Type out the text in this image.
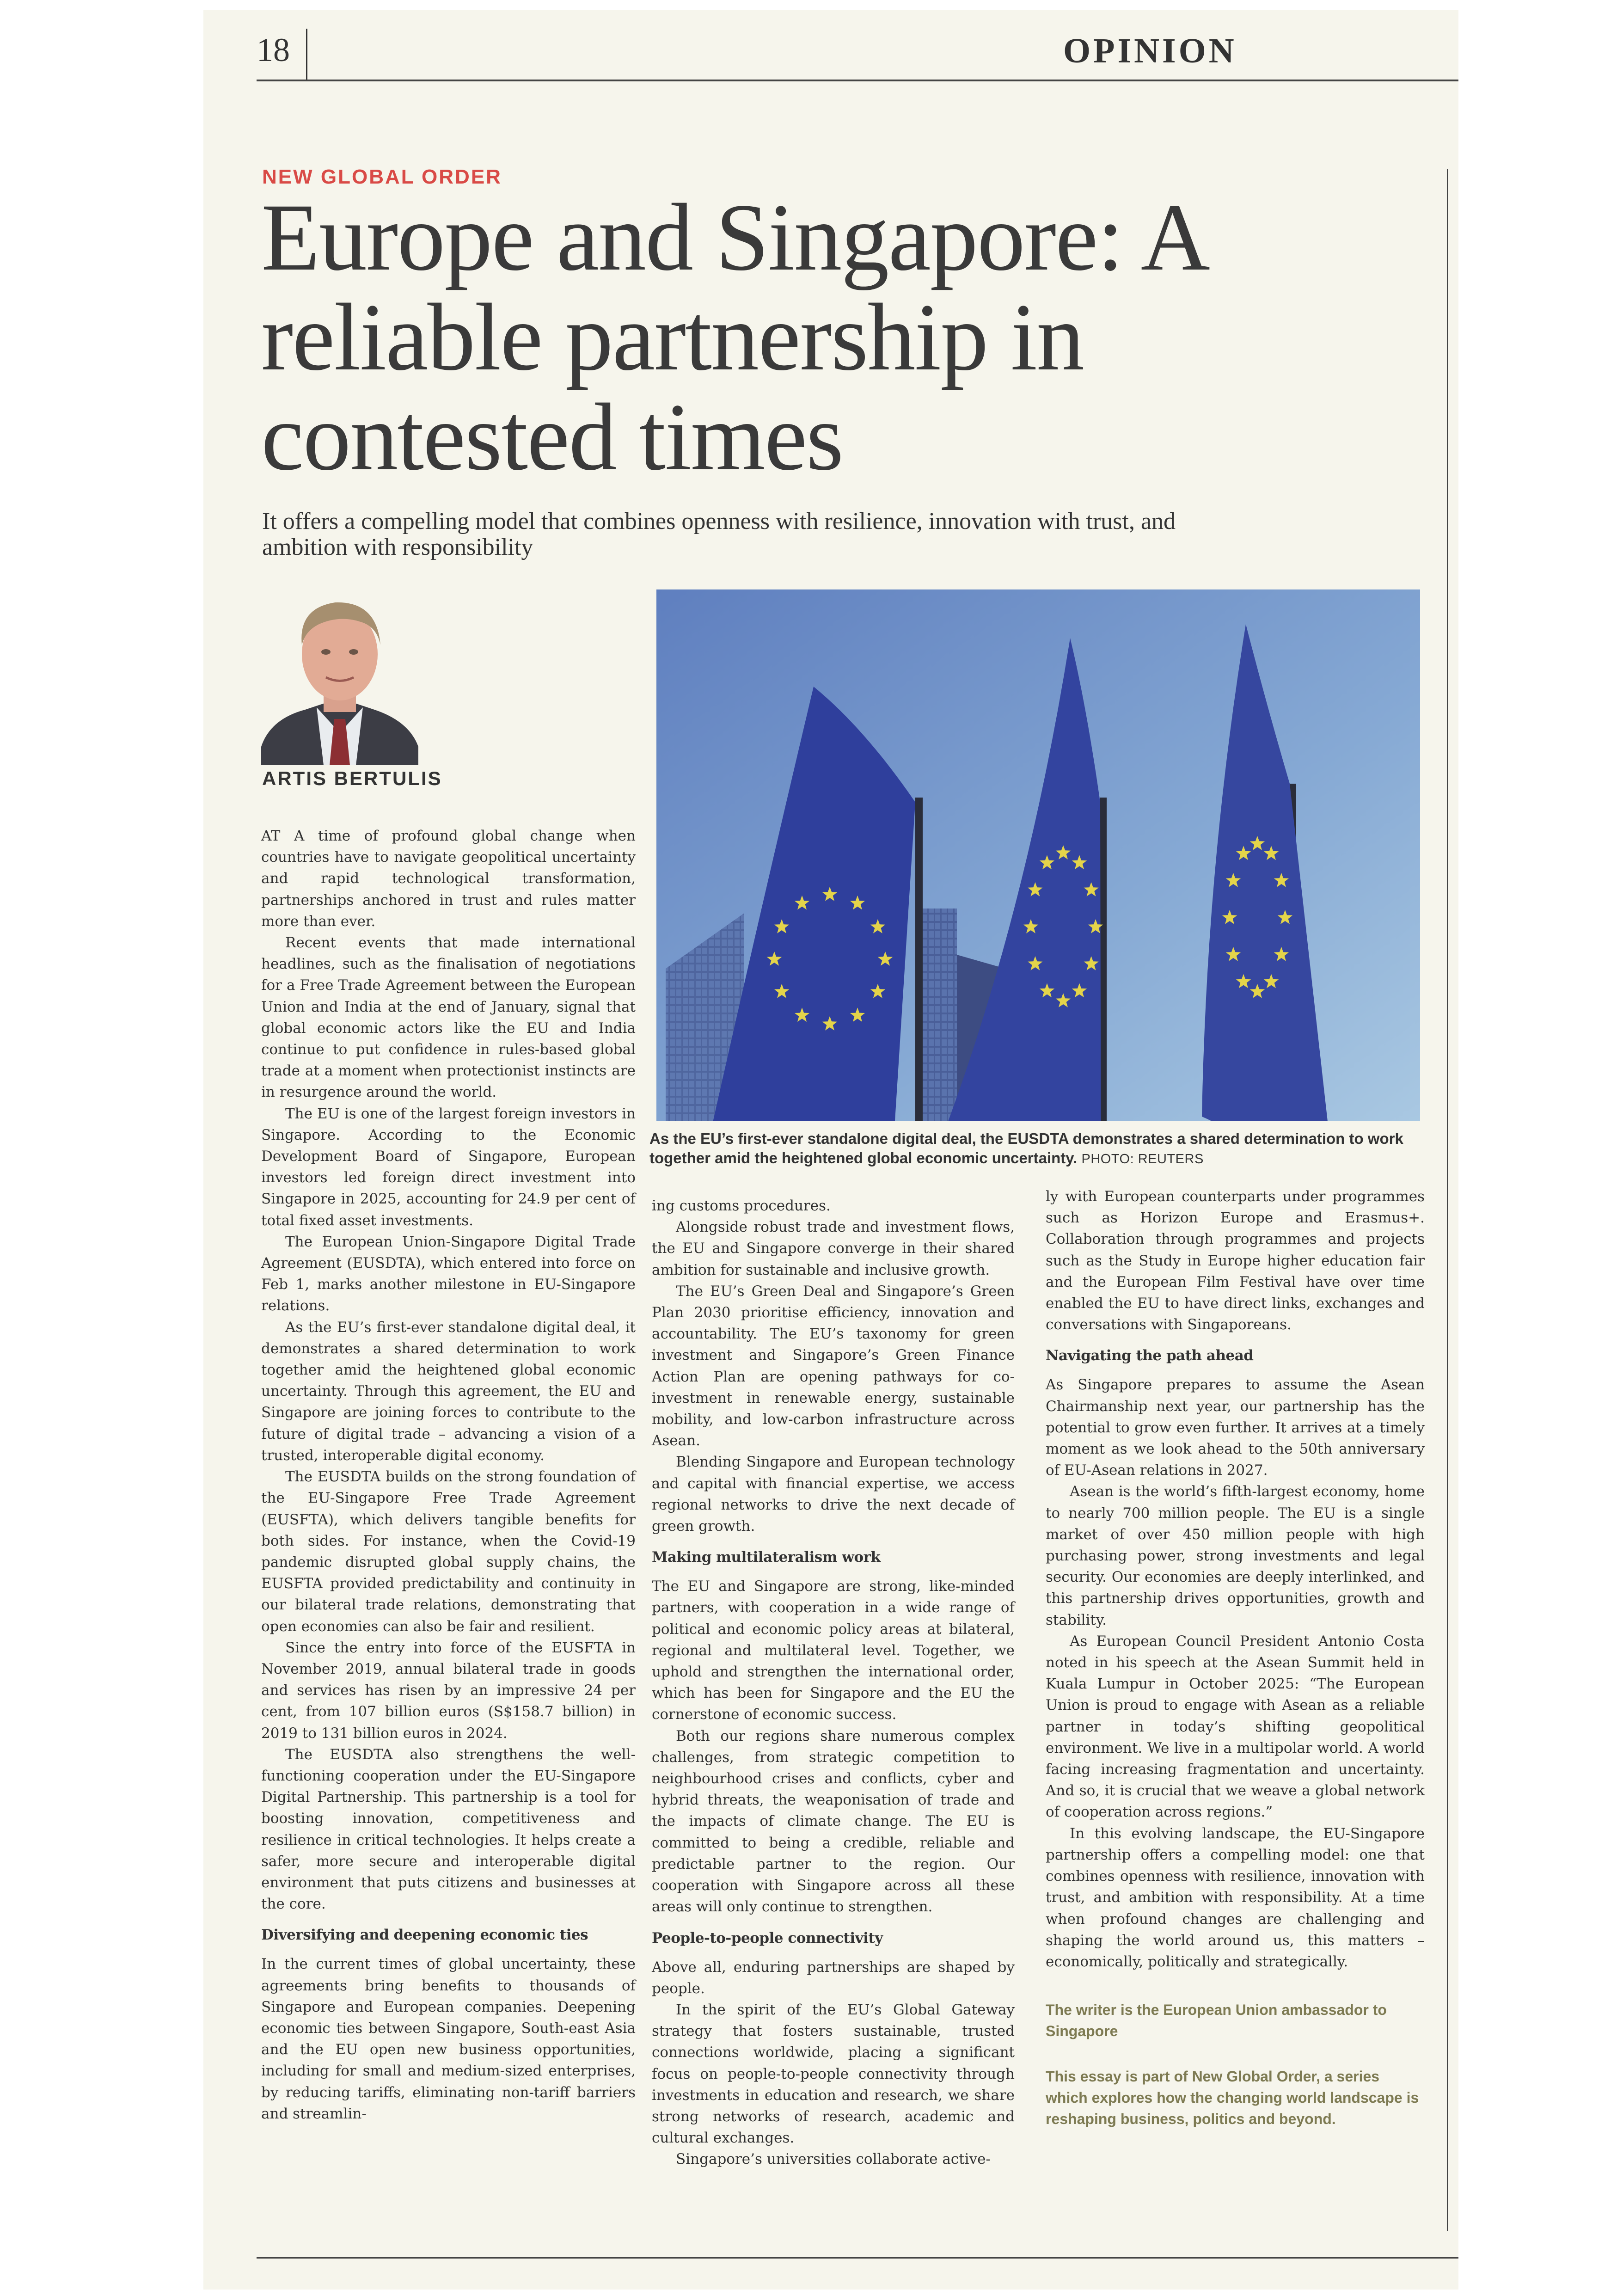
18	OPINION
NEW GLOBAL ORDER
Europe and Singapore: A reliable partnership in contested times
It offers a compelling model that combines openness with resilience, innovation with trust, and ambition with responsibility
ARTIS BERTULIS
As the EU’s first-ever standalone digital deal, the EUSDTA demonstrates a shared determination to work together amid the heightened global economic uncertainty. PHOTO: REUTERS

AT A time of profound global change when countries have to navigate geopolitical uncertainty and rapid technological transformation, partnerships anchored in trust and rules matter more than ever.

Recent events that made international headlines, such as the finalisation of negotiations for a Free Trade Agreement between the European Union and India at the end of January, signal that global economic actors like the EU and India continue to put confidence in rules-based global trade at a moment when protectionist instincts are in resurgence around the world.

The EU is one of the largest foreign investors in Singapore. According to the Economic Development Board of Singapore, European investors led foreign direct investment into Singapore in 2025, accounting for 24.9 per cent of total fixed asset investments.

The European Union-Singapore Digital Trade Agreement (EUSDTA), which entered into force on Feb 1, marks another milestone in EU-Singapore relations.

As the EU’s first-ever standalone digital deal, it demonstrates a shared determination to work together amid the heightened global economic uncertainty. Through this agreement, the EU and Singapore are joining forces to contribute to the future of digital trade – advancing a vision of a trusted, interoperable digital economy.

The EUSDTA builds on the strong foundation of the EU-Singapore Free Trade Agreement (EUSFTA), which delivers tangible benefits for both sides. For instance, when the Covid-19 pandemic disrupted global supply chains, the EUSFTA provided predictability and continuity in our bilateral trade relations, demonstrating that open economies can also be fair and resilient.

Since the entry into force of the EUSFTA in November 2019, annual bilateral trade in goods and services has risen by an impressive 24 per cent, from 107 billion euros (S$158.7 billion) in 2019 to 131 billion euros in 2024.

The EUSDTA also strengthens the well-functioning cooperation under the EU-Singapore Digital Partnership. This partnership is a tool for boosting innovation, competitiveness and resilience in critical technologies. It helps create a safer, more secure and interoperable digital environment that puts citizens and businesses at the core.

Diversifying and deepening economic ties

In the current times of global uncertainty, these agreements bring benefits to thousands of Singapore and European companies. Deepening economic ties between Singapore, South-east Asia and the EU open new business opportunities, including for small and medium-sized enterprises, by reducing tariffs, eliminating non-tariff barriers and streamlin-

ing customs procedures.

Alongside robust trade and investment flows, the EU and Singapore converge in their shared ambition for sustainable and inclusive growth.

The EU’s Green Deal and Singapore’s Green Plan 2030 prioritise efficiency, innovation and accountability. The EU’s taxonomy for green investment and Singapore’s Green Finance Action Plan are opening pathways for co-investment in renewable energy, sustainable mobility, and low-carbon infrastructure across Asean.

Blending Singapore and European technology and capital with financial expertise, we access regional networks to drive the next decade of green growth.

Making multilateralism work

The EU and Singapore are strong, like-minded partners, with cooperation in a wide range of political and economic policy areas at bilateral, regional and multilateral level. Together, we uphold and strengthen the international order, which has been for Singapore and the EU the cornerstone of economic success.

Both our regions share numerous complex challenges, from strategic competition to neighbourhood crises and conflicts, cyber and hybrid threats, the weaponisation of trade and the impacts of climate change. The EU is committed to being a credible, reliable and predictable partner to the region. Our cooperation with Singapore across all these areas will only continue to strengthen.

People-to-people connectivity

Above all, enduring partnerships are shaped by people.

In the spirit of the EU’s Global Gateway strategy that fosters sustainable, trusted connections worldwide, placing a significant focus on people-to-people connectivity through investments in education and research, we share strong networks of research, academic and cultural exchanges.

Singapore’s universities collaborate active-

ly with European counterparts under programmes such as Horizon Europe and Erasmus+. Collaboration through programmes and projects such as the Study in Europe higher education fair and the European Film Festival have over time enabled the EU to have direct links, exchanges and conversations with Singaporeans.

Navigating the path ahead

As Singapore prepares to assume the Asean Chairmanship next year, our partnership has the potential to grow even further. It arrives at a timely moment as we look ahead to the 50th anniversary of EU-Asean relations in 2027.

Asean is the world’s fifth-largest economy, home to nearly 700 million people. The EU is a single market of over 450 million people with high purchasing power, strong investments and legal security. Our economies are deeply interlinked, and this partnership drives opportunities, growth and stability.

As European Council President Antonio Costa noted in his speech at the Asean Summit held in Kuala Lumpur in October 2025: “The European Union is proud to engage with Asean as a reliable partner in today’s shifting geopolitical environment. We live in a multipolar world. A world facing increasing fragmentation and uncertainty. And so, it is crucial that we weave a global network of cooperation across regions.”

In this evolving landscape, the EU-Singapore partnership offers a compelling model: one that combines openness with resilience, innovation with trust, and ambition with responsibility. At a time when profound changes are challenging and shaping the world around us, this matters – economically, politically and strategically.

The writer is the European Union ambassador to Singapore
This essay is part of New Global Order, a series which explores how the changing world landscape is reshaping business, politics and beyond.
